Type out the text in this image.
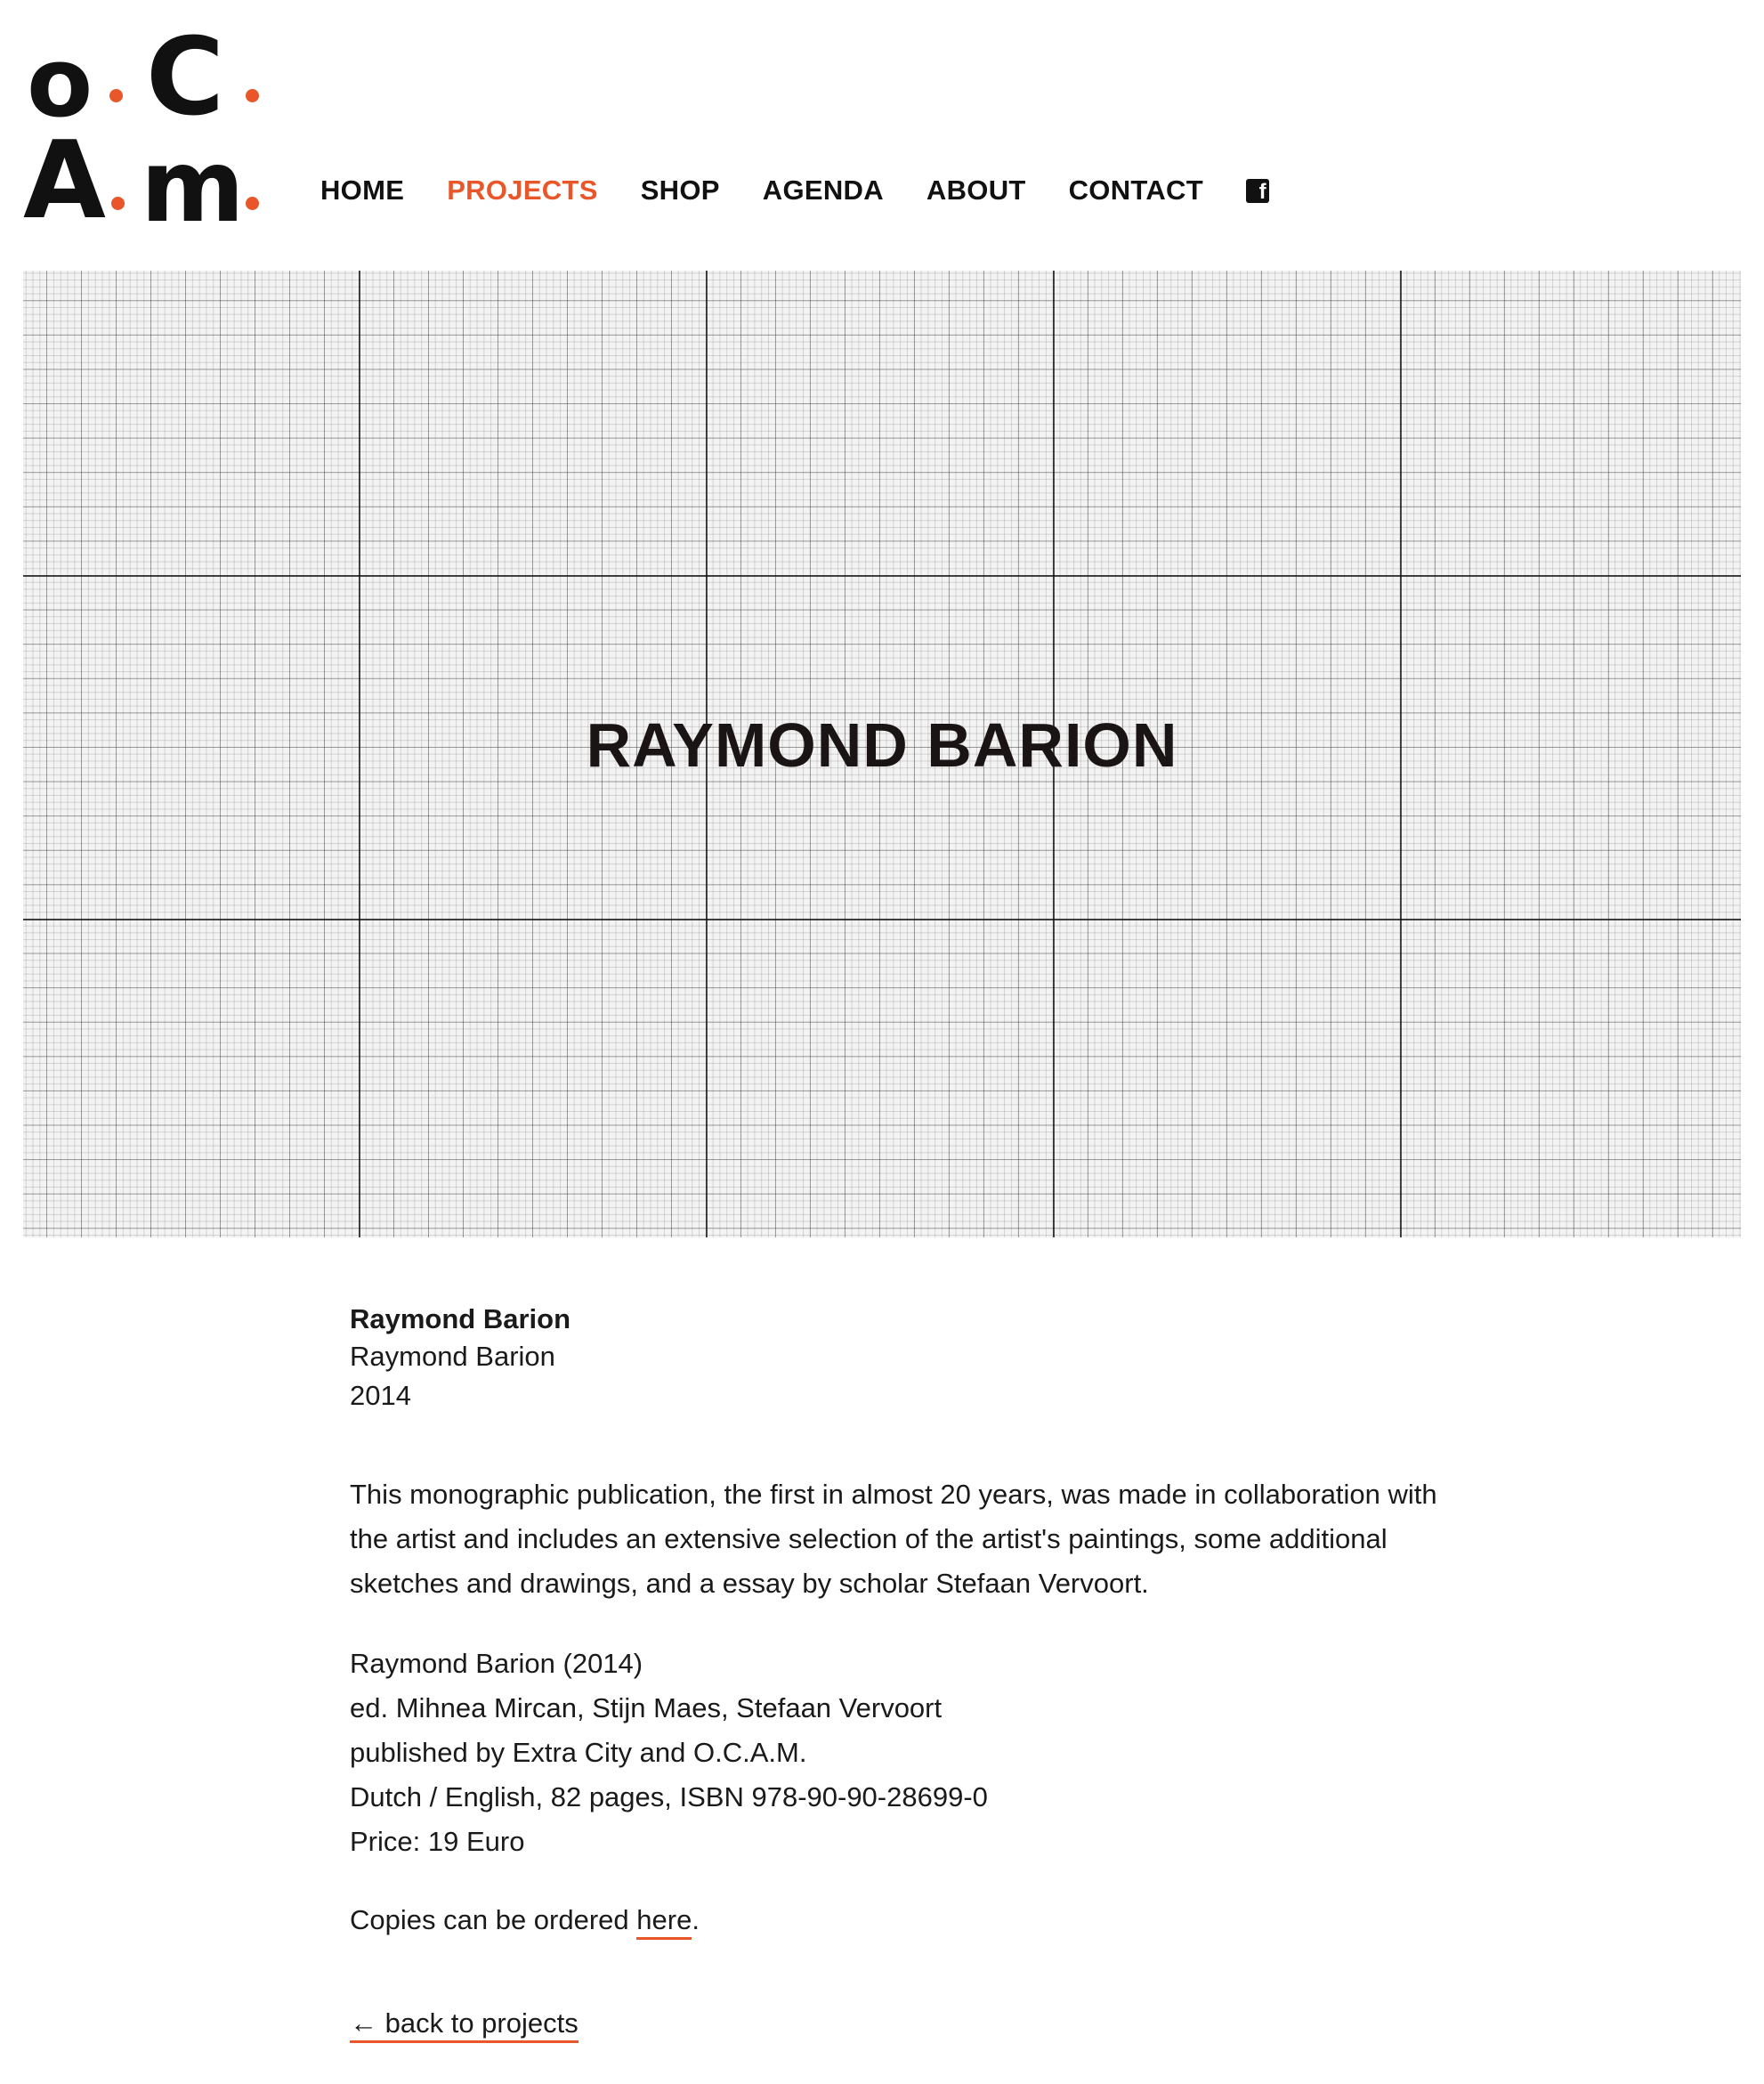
o C
A m	HOME PROJECTS SHOP AGENDA ABOUT CONTACT	f
RAYMOND BARION
Raymond Barion
Raymond Barion
2014
This monographic publication, the first in almost 20 years, was made in collaboration with the artist and includes an extensive selection of the artist's paintings, some additional sketches and drawings, and a essay by scholar Stefaan Vervoort.
Raymond Barion (2014)
ed. Mihnea Mircan, Stijn Maes, Stefaan Vervoort
published by Extra City and O.C.A.M.
Dutch / English, 82 pages, ISBN 978-90-90-28699-0
Price: 19 Euro
Copies can be ordered here.
← back to projects
